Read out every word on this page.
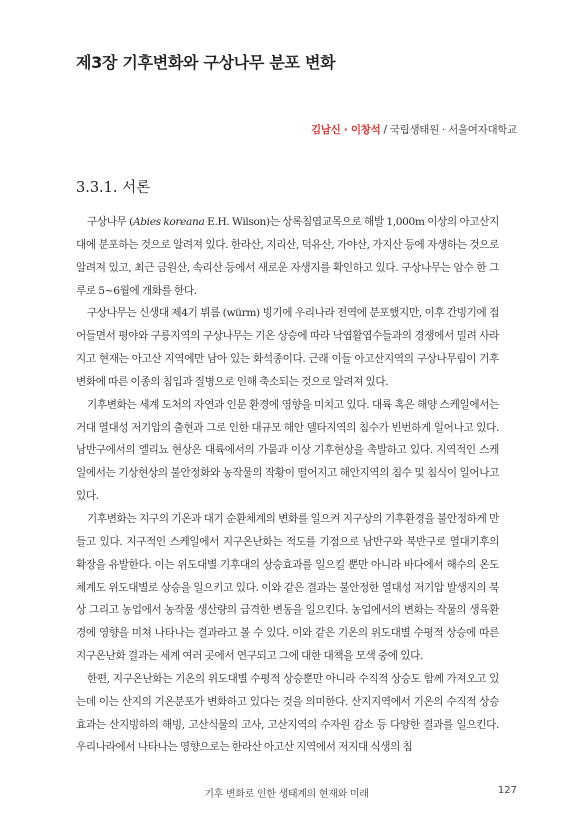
제3장 기후변화와 구상나무 분포 변화
김남신 · 이창석 / 국립생태원 · 서울여자대학교
3.3.1. 서론

구상나무 (Abies koreana E.H. Wilson)는 상록침엽교목으로 해발 1,000m 이상의 아고산지대에 분포하는 것으로 알려져 있다. 한라산, 지리산, 덕유산, 가야산, 가지산 등에 자생하는 것으로 알려져 있고, 최근 금원산, 속리산 등에서 새로운 자생지를 확인하고 있다. 구상나무는 암수 한 그루로 5~6월에 개화를 한다.

구상나무는 신생대 제4기 뷔름 (würm) 빙기에 우리나라 전역에 분포했지만, 이후 간빙기에 접어들면서 평야와 구릉지역의 구상나무는 기온 상승에 따라 낙엽활엽수들과의 경쟁에서 밀려 사라지고 현재는 아고산 지역에만 남아 있는 화석종이다. 근래 이들 아고산지역의 구상나무림이 기후변화에 따른 이종의 침입과 질병으로 인해 축소되는 것으로 알려져 있다.

기후변화는 세계 도처의 자연과 인문 환경에 영향을 미치고 있다. 대륙 혹은 해양 스케일에서는 거대 열대성 저기압의 출현과 그로 인한 대규모 해안 델타지역의 침수가 빈번하게 일어나고 있다. 남반구에서의 엘리뇨 현상은 대륙에서의 가뭄과 이상 기후현상을 촉발하고 있다. 지역적인 스케일에서는 기상현상의 불안정화와 농작물의 작황이 떨어지고 해안지역의 침수 및 침식이 일어나고 있다.

기후변화는 지구의 기온과 대기 순환체계의 변화를 일으켜 지구상의 기후환경을 불안정하게 만들고 있다. 지구적인 스케일에서 지구온난화는 적도를 기점으로 남반구와 북반구로 열대기후의 확장을 유발한다. 이는 위도대별 기후대의 상승효과를 일으킬 뿐만 아니라 바다에서 해수의 온도체계도 위도대별로 상승을 일으키고 있다. 이와 같은 결과는 불안정한 열대성 저기압 발생지의 북상 그리고 농업에서 농작물 생산량의 급격한 변동을 일으킨다. 농업에서의 변화는 작물의 생육환경에 영향을 미쳐 나타나는 결과라고 볼 수 있다. 이와 같은 기온의 위도대별 수평적 상승에 따른 지구온난화 결과는 세계 여러 곳에서 연구되고 그에 대한 대책을 모색 중에 있다.

한편, 지구온난화는 기온의 위도대별 수평적 상승뿐만 아니라 수직적 상승도 함께 가져오고 있는데 이는 산지의 기온분포가 변화하고 있다는 것을 의미한다. 산지지역에서 기온의 수직적 상승효과는 산지빙하의 해빙, 고산식물의 고사, 고산지역의 수자원 감소 등 다양한 결과를 일으킨다. 우리나라에서 나타나는 영향으로는 한라산 아고산 지역에서 저지대 식생의 침

기후 변화로 인한 생태계의 현재와 미래	127
